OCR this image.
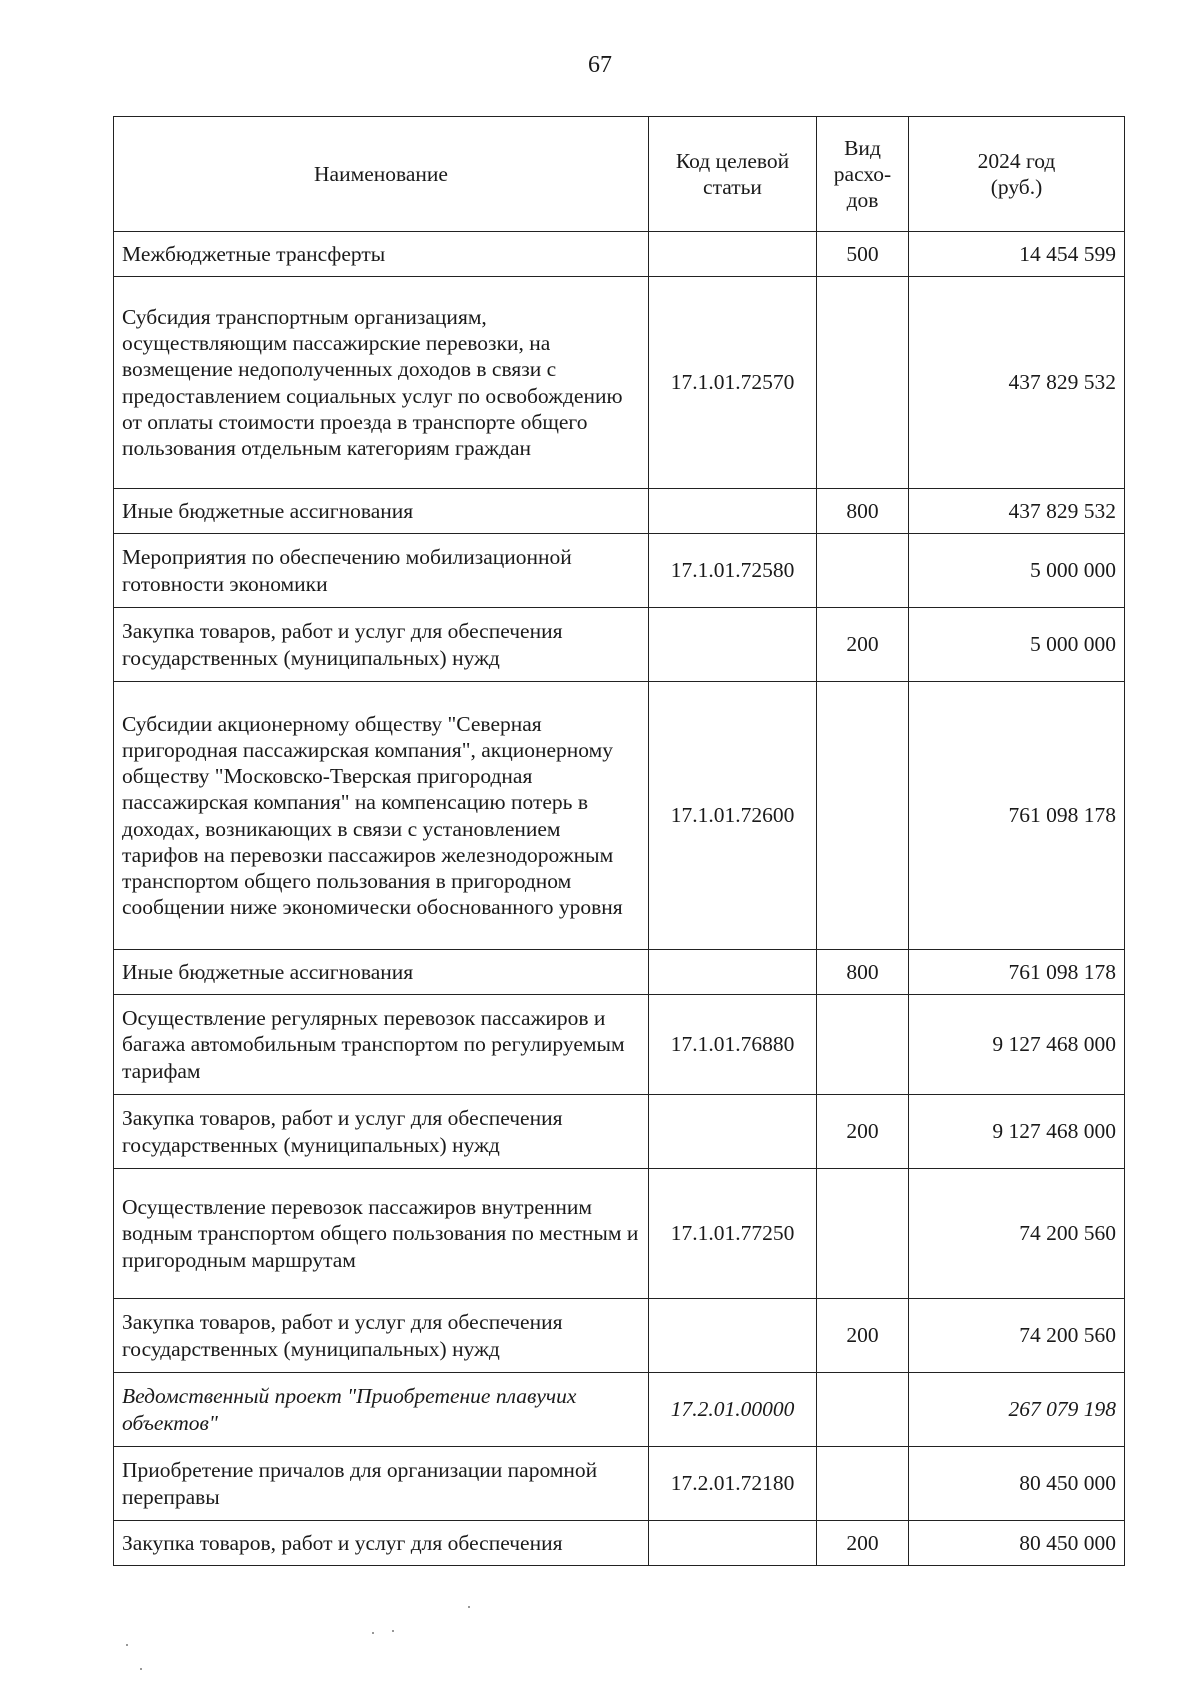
67
Наименование	Код целевой статьи	Вид расхо-дов	2024 год (руб.)

Межбюджетные трансферты		500	14 454 599
Субсидия транспортным организациям, осуществляющим пассажирские перевозки, на возмещение недополученных доходов в связи с предоставлением социальных услуг по освобождению от оплаты стоимости проезда в транспорте общего пользования отдельным категориям граждан	17.1.01.72570		437 829 532
Иные бюджетные ассигнования		800	437 829 532
Мероприятия по обеспечению мобилизационной готовности экономики	17.1.01.72580		5 000 000
Закупка товаров, работ и услуг для обеспечения государственных (муниципальных) нужд		200	5 000 000
Субсидии акционерному обществу "Северная пригородная пассажирская компания", акционерному обществу "Московско-Тверская пригородная пассажирская компания" на компенсацию потерь в доходах, возникающих в связи с установлением тарифов на перевозки пассажиров железнодорожным транспортом общего пользования в пригородном сообщении ниже экономически обоснованного уровня	17.1.01.72600		761 098 178
Иные бюджетные ассигнования		800	761 098 178
Осуществление регулярных перевозок пассажиров и багажа автомобильным транспортом по регулируемым тарифам	17.1.01.76880		9 127 468 000
Закупка товаров, работ и услуг для обеспечения государственных (муниципальных) нужд		200	9 127 468 000
Осуществление перевозок пассажиров внутренним водным транспортом общего пользования по местным и пригородным маршрутам	17.1.01.77250		74 200 560
Закупка товаров, работ и услуг для обеспечения государственных (муниципальных) нужд		200	74 200 560
Ведомственный проект "Приобретение плавучих объектов"	17.2.01.00000		267 079 198
Приобретение причалов для организации паромной переправы	17.2.01.72180		80 450 000
Закупка товаров, работ и услуг для обеспечения		200	80 450 000
